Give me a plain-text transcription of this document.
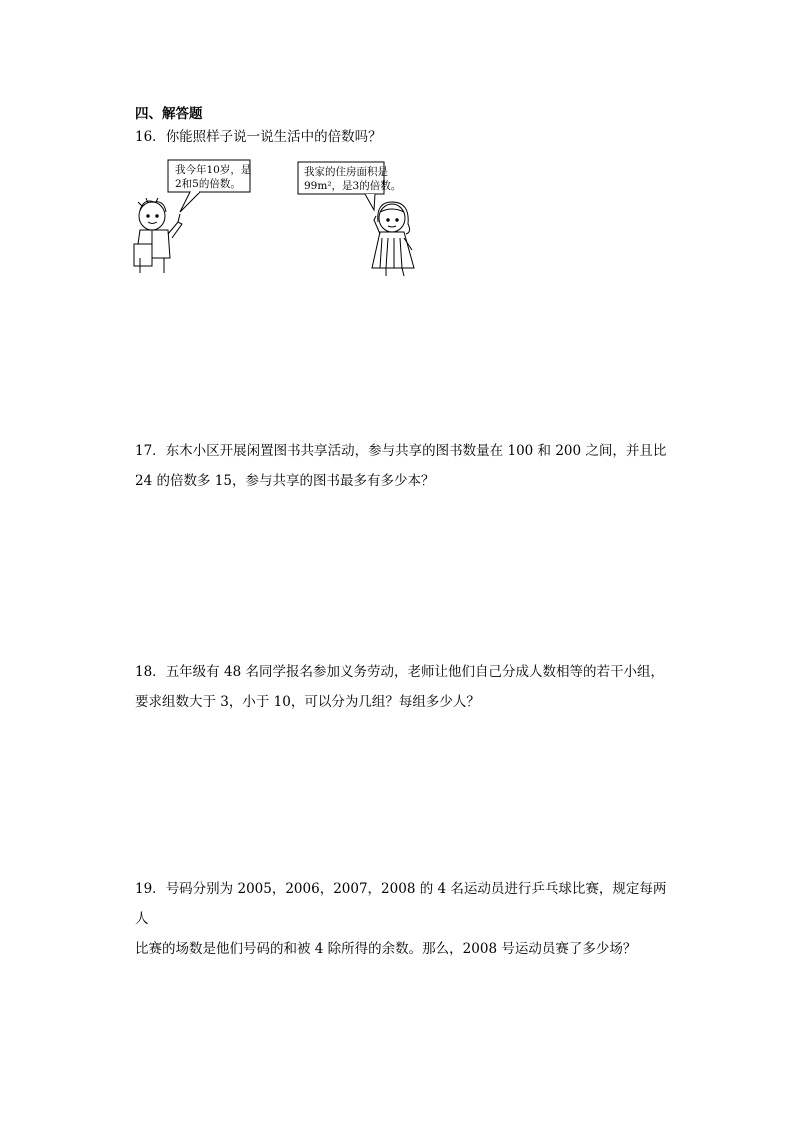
四、解答题
16．你能照样子说一说生活中的倍数吗？
我今年10岁，是
2和5的倍数。
我家的住房面积是
99m²，是3的倍数。
17．东木小区开展闲置图书共享活动，参与共享的图书数量在 100 和 200 之间，并且比
24 的倍数多 15，参与共享的图书最多有多少本？
18．五年级有 48 名同学报名参加义务劳动，老师让他们自己分成人数相等的若干小组，
要求组数大于 3，小于 10，可以分为几组？每组多少人？
19．号码分别为 2005，2006，2007，2008 的 4 名运动员进行乒乓球比赛，规定每两人
比赛的场数是他们号码的和被 4 除所得的余数。那么，2008 号运动员赛了多少场？
